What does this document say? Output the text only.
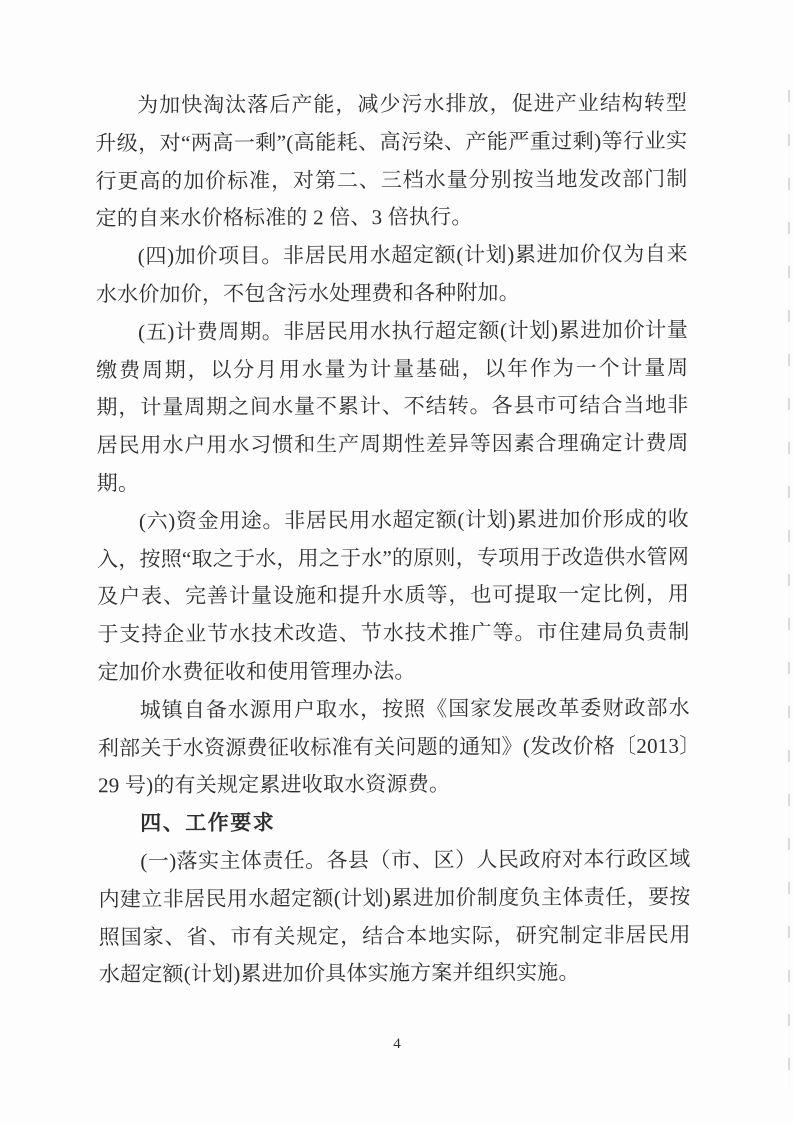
为加快淘汰落后产能，减少污水排放，促进产业结构转型升级，对“两高一剩”(高能耗、高污染、产能严重过剩)等行业实行更高的加价标准，对第二、三档水量分别按当地发改部门制定的自来水价格标准的 2 倍、3 倍执行。

(四)加价项目。非居民用水超定额(计划)累进加价仅为自来水水价加价，不包含污水处理费和各种附加。

(五)计费周期。非居民用水执行超定额(计划)累进加价计量缴费周期，以分月用水量为计量基础，以年作为一个计量周期，计量周期之间水量不累计、不结转。各县市可结合当地非居民用水户用水习惯和生产周期性差异等因素合理确定计费周期。

(六)资金用途。非居民用水超定额(计划)累进加价形成的收入，按照“取之于水，用之于水”的原则，专项用于改造供水管网及户表、完善计量设施和提升水质等，也可提取一定比例，用于支持企业节水技术改造、节水技术推广等。市住建局负责制定加价水费征收和使用管理办法。

城镇自备水源用户取水，按照《国家发展改革委财政部水利部关于水资源费征收标准有关问题的通知》(发改价格〔2013〕29 号)的有关规定累进收取水资源费。

四、工作要求

(一)落实主体责任。各县（市、区）人民政府对本行政区域内建立非居民用水超定额(计划)累进加价制度负主体责任，要按照国家、省、市有关规定，结合本地实际，研究制定非居民用水超定额(计划)累进加价具体实施方案并组织实施。

4
